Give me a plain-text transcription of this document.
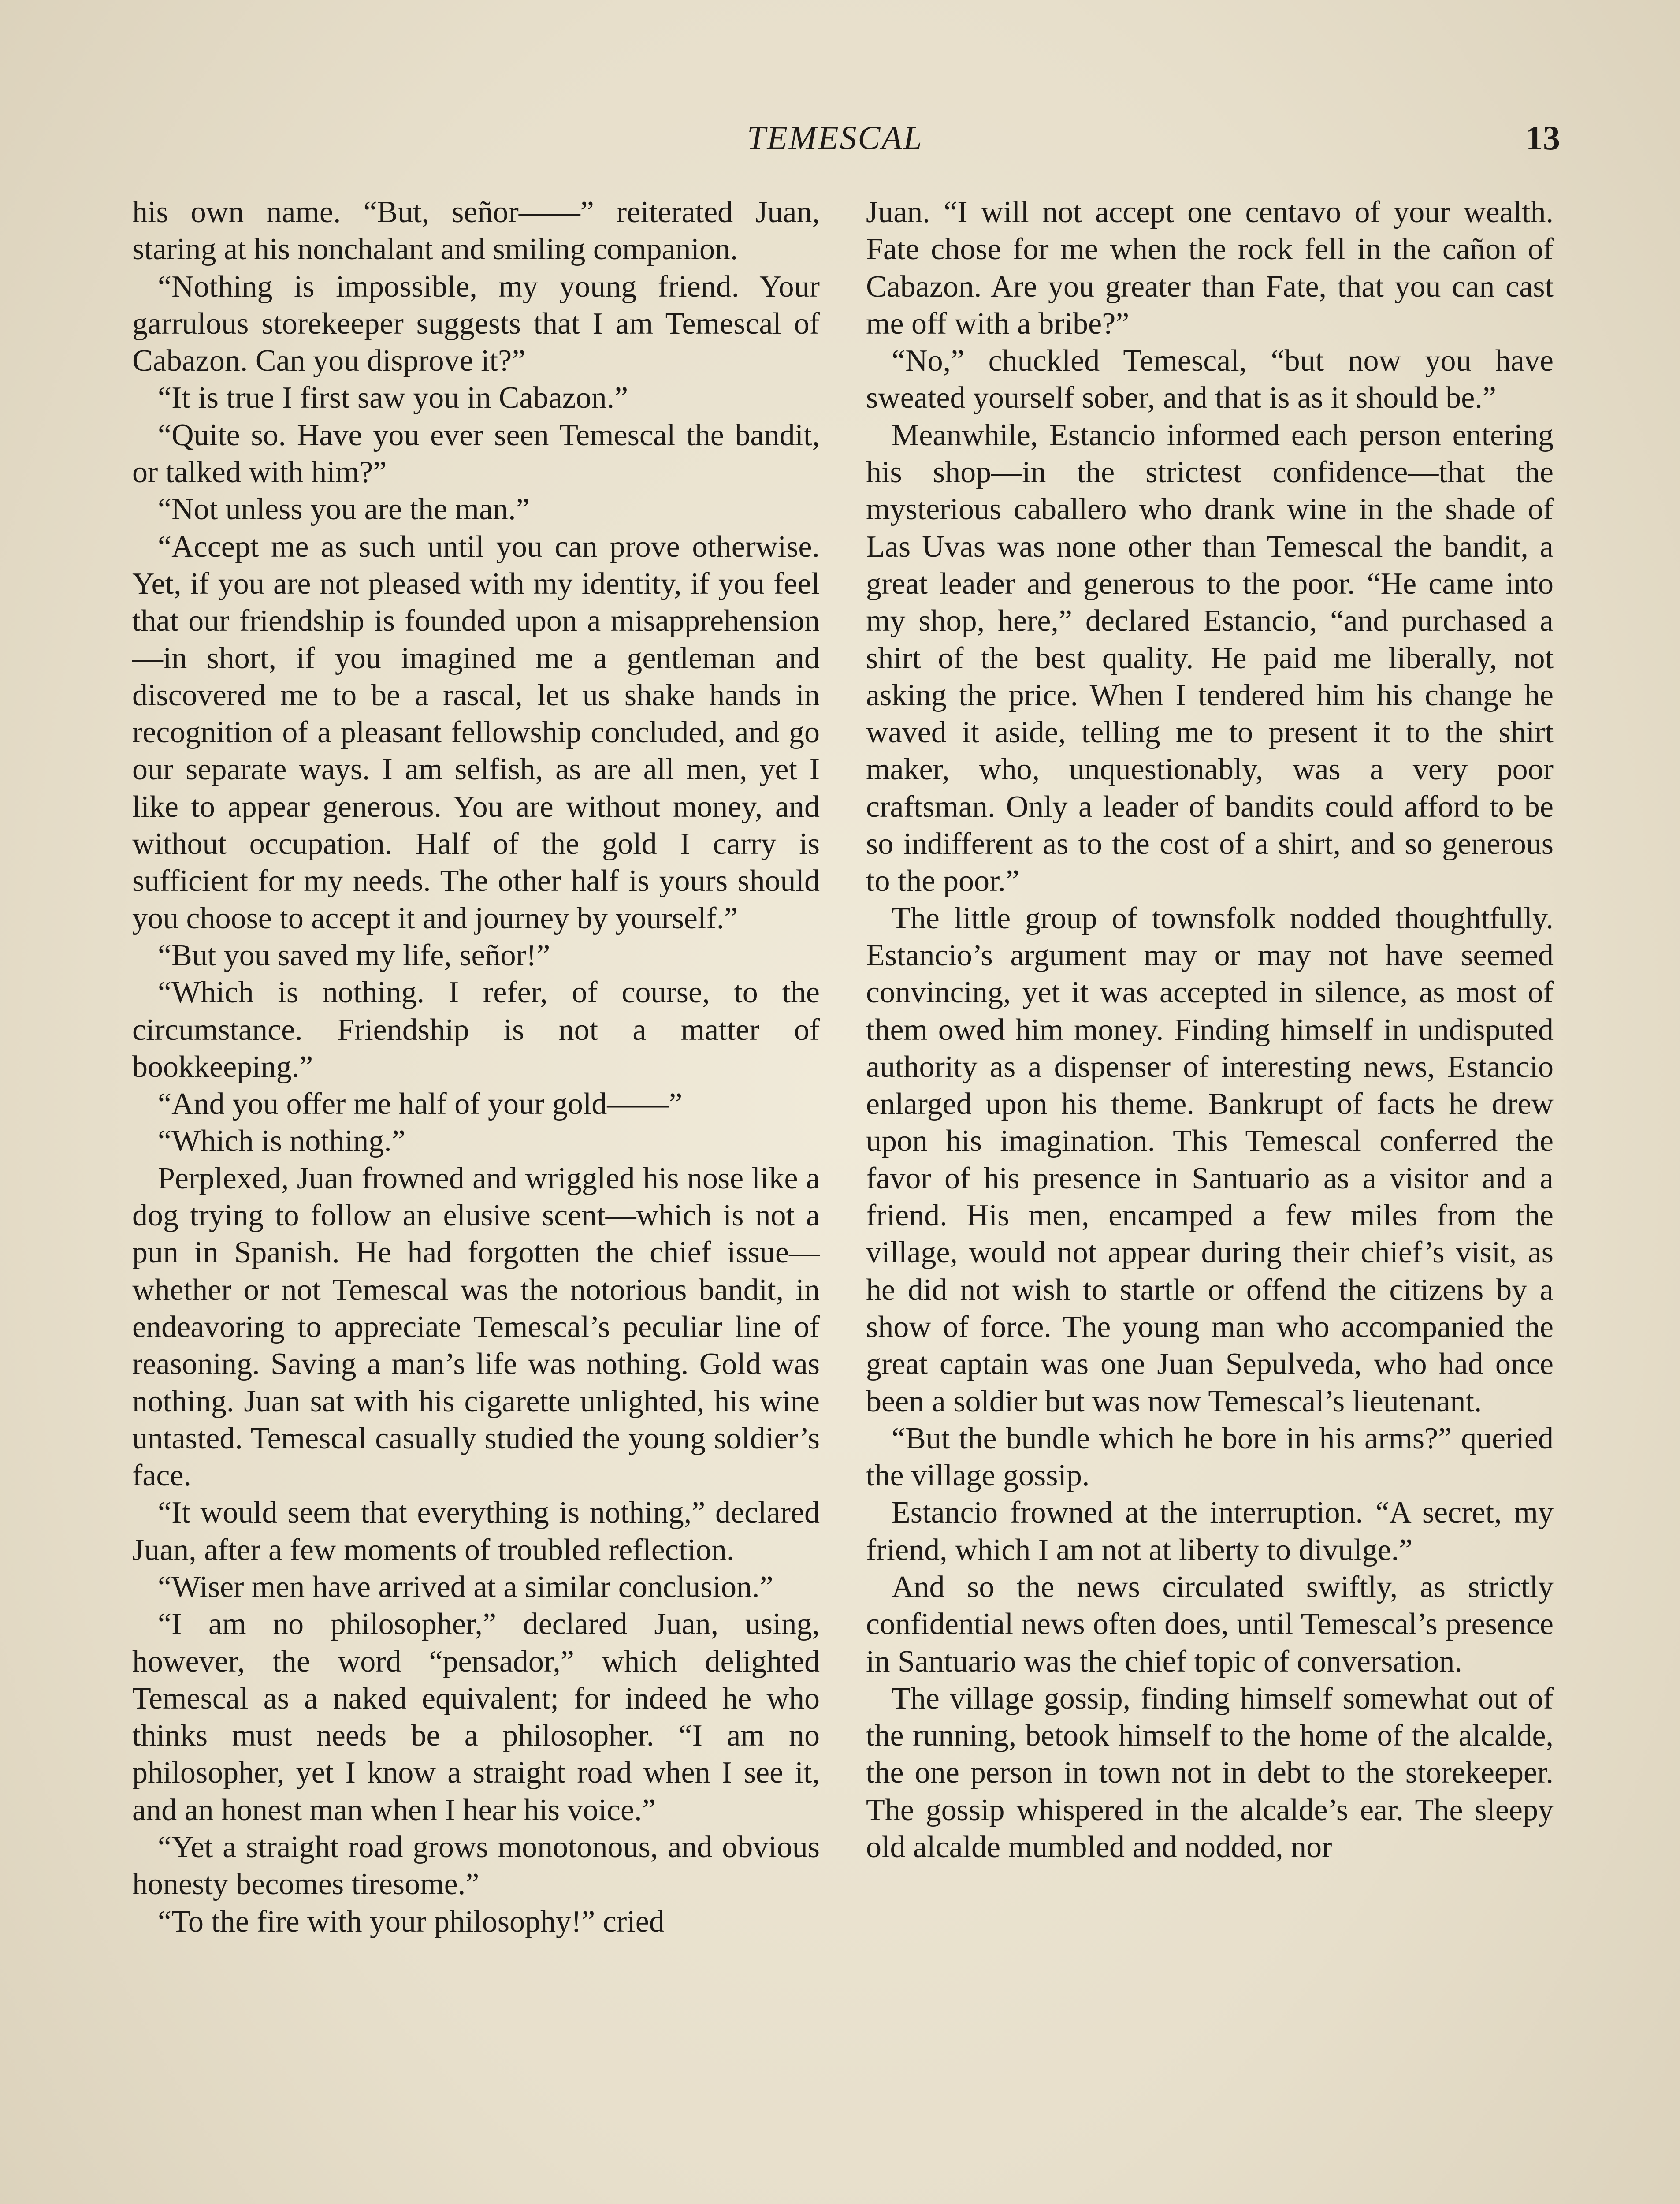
TEMESCAL	13

his own name. “But, señor——” reiterated Juan, staring at his nonchalant and smiling companion.

“Nothing is impossible, my young friend. Your garrulous storekeeper suggests that I am Temescal of Cabazon. Can you disprove it?”

“It is true I first saw you in Cabazon.”

“Quite so. Have you ever seen Temescal the bandit, or talked with him?”

“Not unless you are the man.”

“Accept me as such until you can prove otherwise. Yet, if you are not pleased with my identity, if you feel that our friendship is founded upon a misapprehension—in short, if you imagined me a gentleman and discovered me to be a rascal, let us shake hands in recognition of a pleasant fellowship concluded, and go our separate ways. I am selfish, as are all men, yet I like to appear generous. You are without money, and without occupation. Half of the gold I carry is sufficient for my needs. The other half is yours should you choose to accept it and journey by yourself.”

“But you saved my life, señor!”

“Which is nothing. I refer, of course, to the circumstance. Friendship is not a matter of bookkeeping.”

“And you offer me half of your gold——”

“Which is nothing.”

Perplexed, Juan frowned and wriggled his nose like a dog trying to follow an elusive scent—which is not a pun in Spanish. He had forgotten the chief issue—whether or not Temescal was the notorious bandit, in endeavoring to appreciate Temescal’s peculiar line of reasoning. Saving a man’s life was nothing. Gold was nothing. Juan sat with his cigarette unlighted, his wine untasted. Temescal casually studied the young soldier’s face.

“It would seem that everything is nothing,” declared Juan, after a few moments of troubled reflection.

“Wiser men have arrived at a similar conclusion.”

“I am no philosopher,” declared Juan, using, however, the word “pensador,” which delighted Temescal as a naked equivalent; for indeed he who thinks must needs be a philosopher. “I am no philosopher, yet I know a straight road when I see it, and an honest man when I hear his voice.”

“Yet a straight road grows monotonous, and obvious honesty becomes tiresome.”

“To the fire with your philosophy!” cried

Juan. “I will not accept one centavo of your wealth. Fate chose for me when the rock fell in the cañon of Cabazon. Are you greater than Fate, that you can cast me off with a bribe?”

“No,” chuckled Temescal, “but now you have sweated yourself sober, and that is as it should be.”

Meanwhile, Estancio informed each person entering his shop—in the strictest confidence—that the mysterious caballero who drank wine in the shade of Las Uvas was none other than Temescal the bandit, a great leader and generous to the poor. “He came into my shop, here,” declared Estancio, “and purchased a shirt of the best quality. He paid me liberally, not asking the price. When I tendered him his change he waved it aside, telling me to present it to the shirt maker, who, unquestionably, was a very poor craftsman. Only a leader of bandits could afford to be so indifferent as to the cost of a shirt, and so generous to the poor.”

The little group of townsfolk nodded thoughtfully. Estancio’s argument may or may not have seemed convincing, yet it was accepted in silence, as most of them owed him money. Finding himself in undisputed authority as a dispenser of interesting news, Estancio enlarged upon his theme. Bankrupt of facts he drew upon his imagination. This Temescal conferred the favor of his presence in Santuario as a visitor and a friend. His men, encamped a few miles from the village, would not appear during their chief’s visit, as he did not wish to startle or offend the citizens by a show of force. The young man who accompanied the great captain was one Juan Sepulveda, who had once been a soldier but was now Temescal’s lieutenant.

“But the bundle which he bore in his arms?” queried the village gossip.

Estancio frowned at the interruption. “A secret, my friend, which I am not at liberty to divulge.”

And so the news circulated swiftly, as strictly confidential news often does, until Temescal’s presence in Santuario was the chief topic of conversation.

The village gossip, finding himself somewhat out of the running, betook himself to the home of the alcalde, the one person in town not in debt to the storekeeper. The gossip whispered in the alcalde’s ear. The sleepy old alcalde mumbled and nodded, nor
